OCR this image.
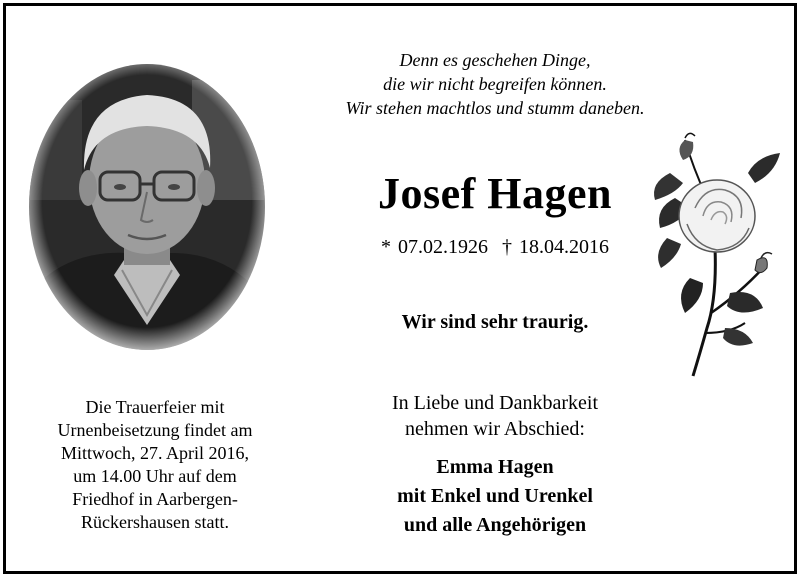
Denn es geschehen Dinge,
die wir nicht begreifen können.
Wir stehen machtlos und stumm daneben.
Josef Hagen
* 07.02.1926 † 18.04.2016
Wir sind sehr traurig.
In Liebe und Dankbarkeit
nehmen wir Abschied:
Emma Hagen
mit Enkel und Urenkel
und alle Angehörigen
Die Trauerfeier mit
Urnenbeisetzung findet am
Mittwoch, 27. April 2016,
um 14.00 Uhr auf dem
Friedhof in Aarbergen-
Rückershausen statt.
